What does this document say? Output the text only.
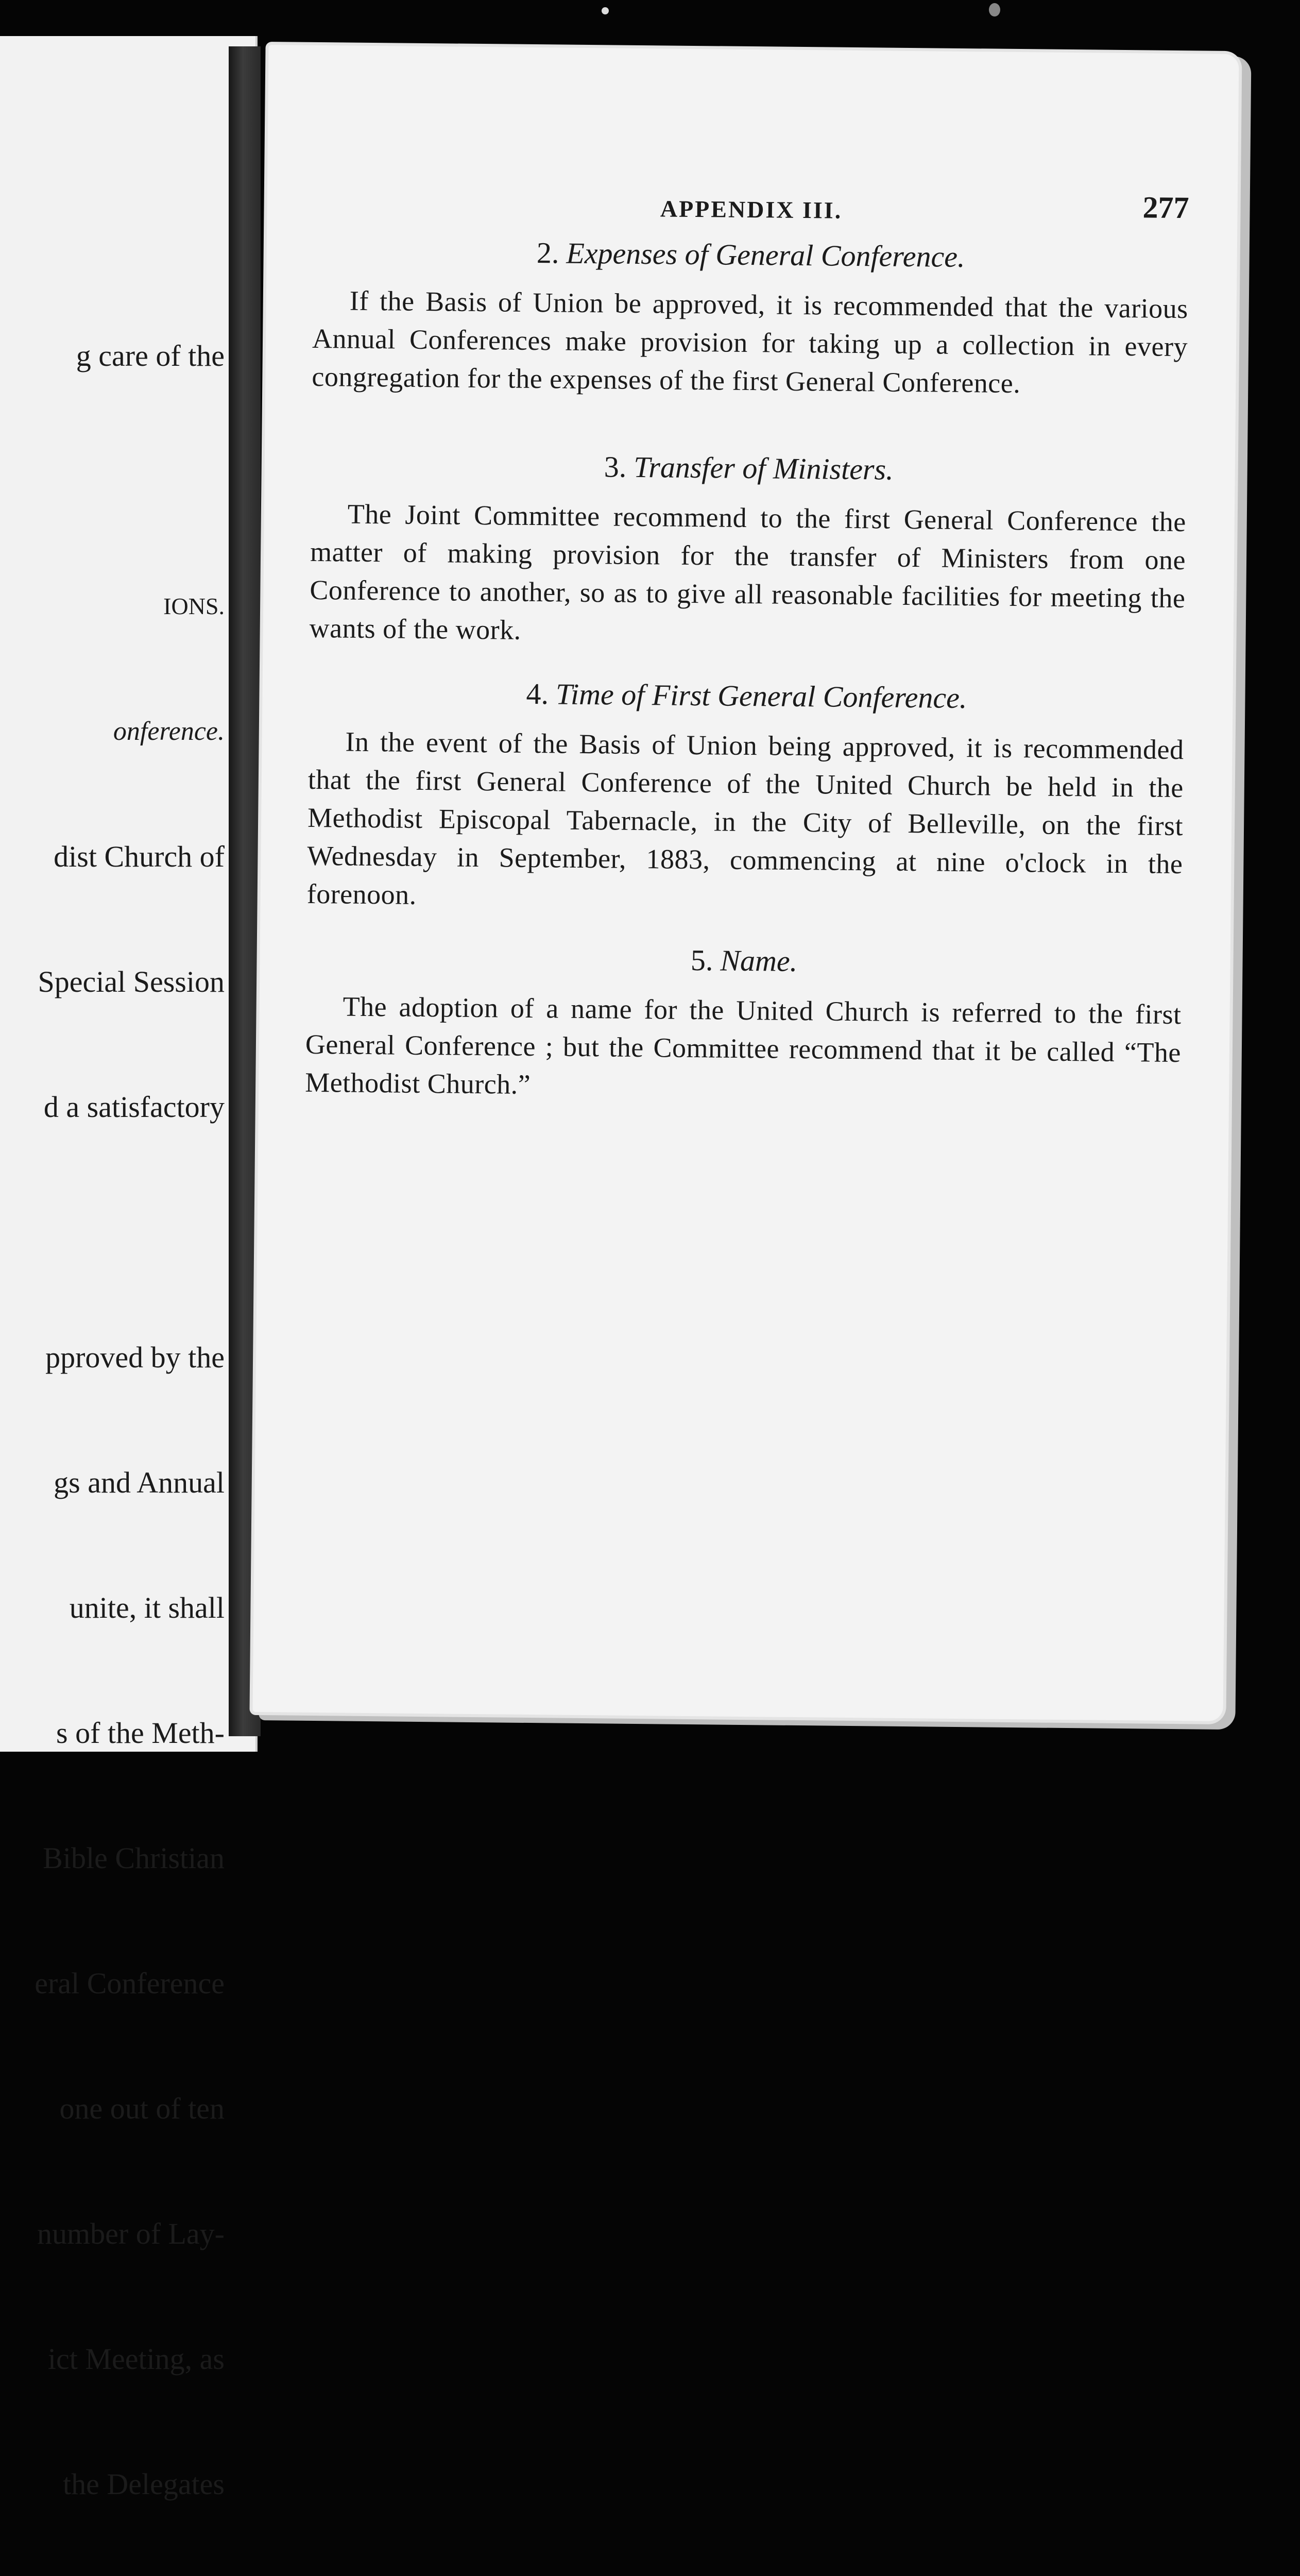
g care of the

IONS.

onference.

dist Church of

Special Session

d a satisfactory

pproved by the

gs and Annual

unite, it shall

s of the Meth-

Bible Christian

eral Conference

one out of ten

number of Lay-

ict Meeting, as

the Delegates

APPENDIX III.	277

2. Expenses of General Conference.

If the Basis of Union be approved, it is recommended that the various Annual Conferences make provision for taking up a collection in every congregation for the expenses of the first General Conference.

3. Transfer of Ministers.

The Joint Committee recommend to the first General Conference the matter of making provision for the transfer of Ministers from one Conference to another, so as to give all reasonable facilities for meeting the wants of the work.

4. Time of First General Conference.

In the event of the Basis of Union being approved, it is recommended that the first General Conference of the United Church be held in the Methodist Episcopal Tabernacle, in the City of Belleville, on the first Wednesday in September, 1883, commencing at nine o'clock in the forenoon.

5. Name.

The adoption of a name for the United Church is referred to the first General Conference ; but the Committee recommend that it be called “The Methodist Church.”
